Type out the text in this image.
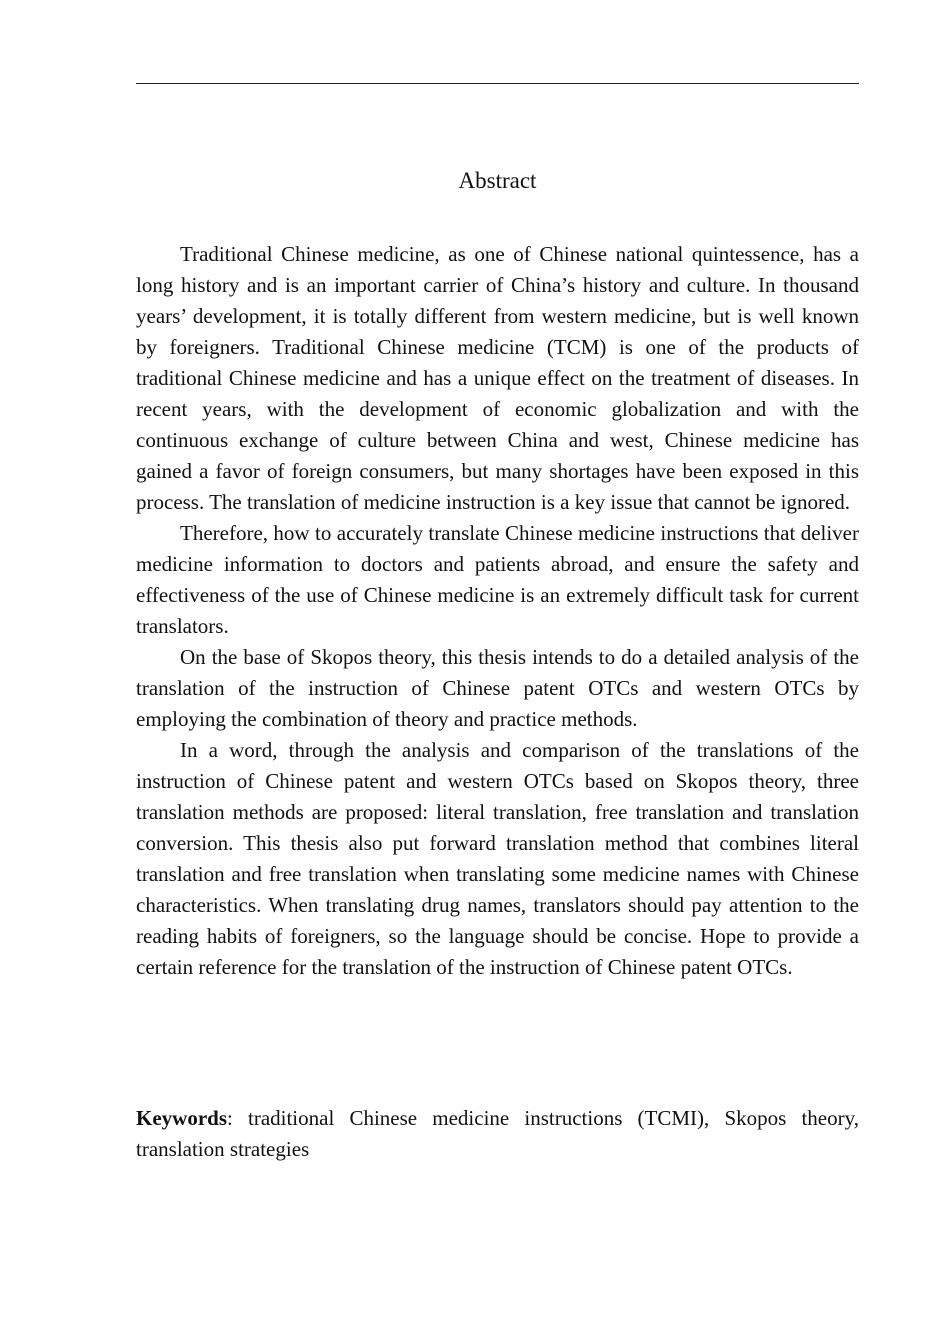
Abstract

Traditional Chinese medicine, as one of Chinese national quintessence, has a long history and is an important carrier of China’s history and culture. In thousand years’ development, it is totally different from western medicine, but is well known by foreigners. Traditional Chinese medicine (TCM) is one of the products of traditional Chinese medicine and has a unique effect on the treatment of diseases. In recent years, with the development of economic globalization and with the continuous exchange of culture between China and west, Chinese medicine has gained a favor of foreign consumers, but many shortages have been exposed in this process. The translation of medicine instruction is a key issue that cannot be ignored.

Therefore, how to accurately translate Chinese medicine instructions that deliver medicine information to doctors and patients abroad, and ensure the safety and effectiveness of the use of Chinese medicine is an extremely difficult task for current translators.

On the base of Skopos theory, this thesis intends to do a detailed analysis of the translation of the instruction of Chinese patent OTCs and western OTCs by employing the combination of theory and practice methods.

In a word, through the analysis and comparison of the translations of the instruction of Chinese patent and western OTCs based on Skopos theory, three translation methods are proposed: literal translation, free translation and translation conversion. This thesis also put forward translation method that combines literal translation and free translation when translating some medicine names with Chinese characteristics. When translating drug names, translators should pay attention to the reading habits of foreigners, so the language should be concise. Hope to provide a certain reference for the translation of the instruction of Chinese patent OTCs.

Keywords: traditional Chinese medicine instructions (TCMI), Skopos theory, translation strategies
